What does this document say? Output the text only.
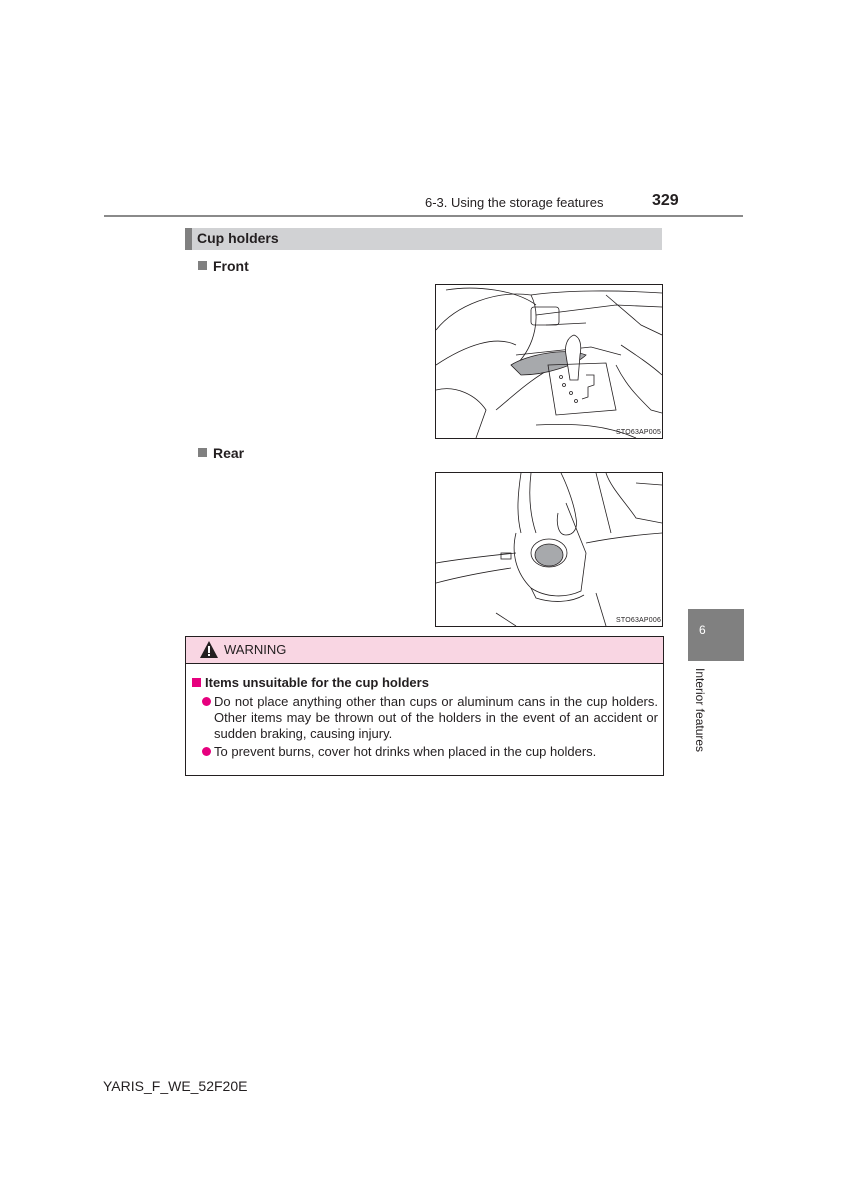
6-3. Using the storage features	329
Cup holders
Front
STO63AP005
Rear
STO63AP006
6
Interior features
WARNING
Items unsuitable for the cup holders
Do not place anything other than cups or aluminum cans in the cup holders. Other items may be thrown out of the holders in the event of an accident or sudden braking, causing injury.
To prevent burns, cover hot drinks when placed in the cup holders.
YARIS_F_WE_52F20E
